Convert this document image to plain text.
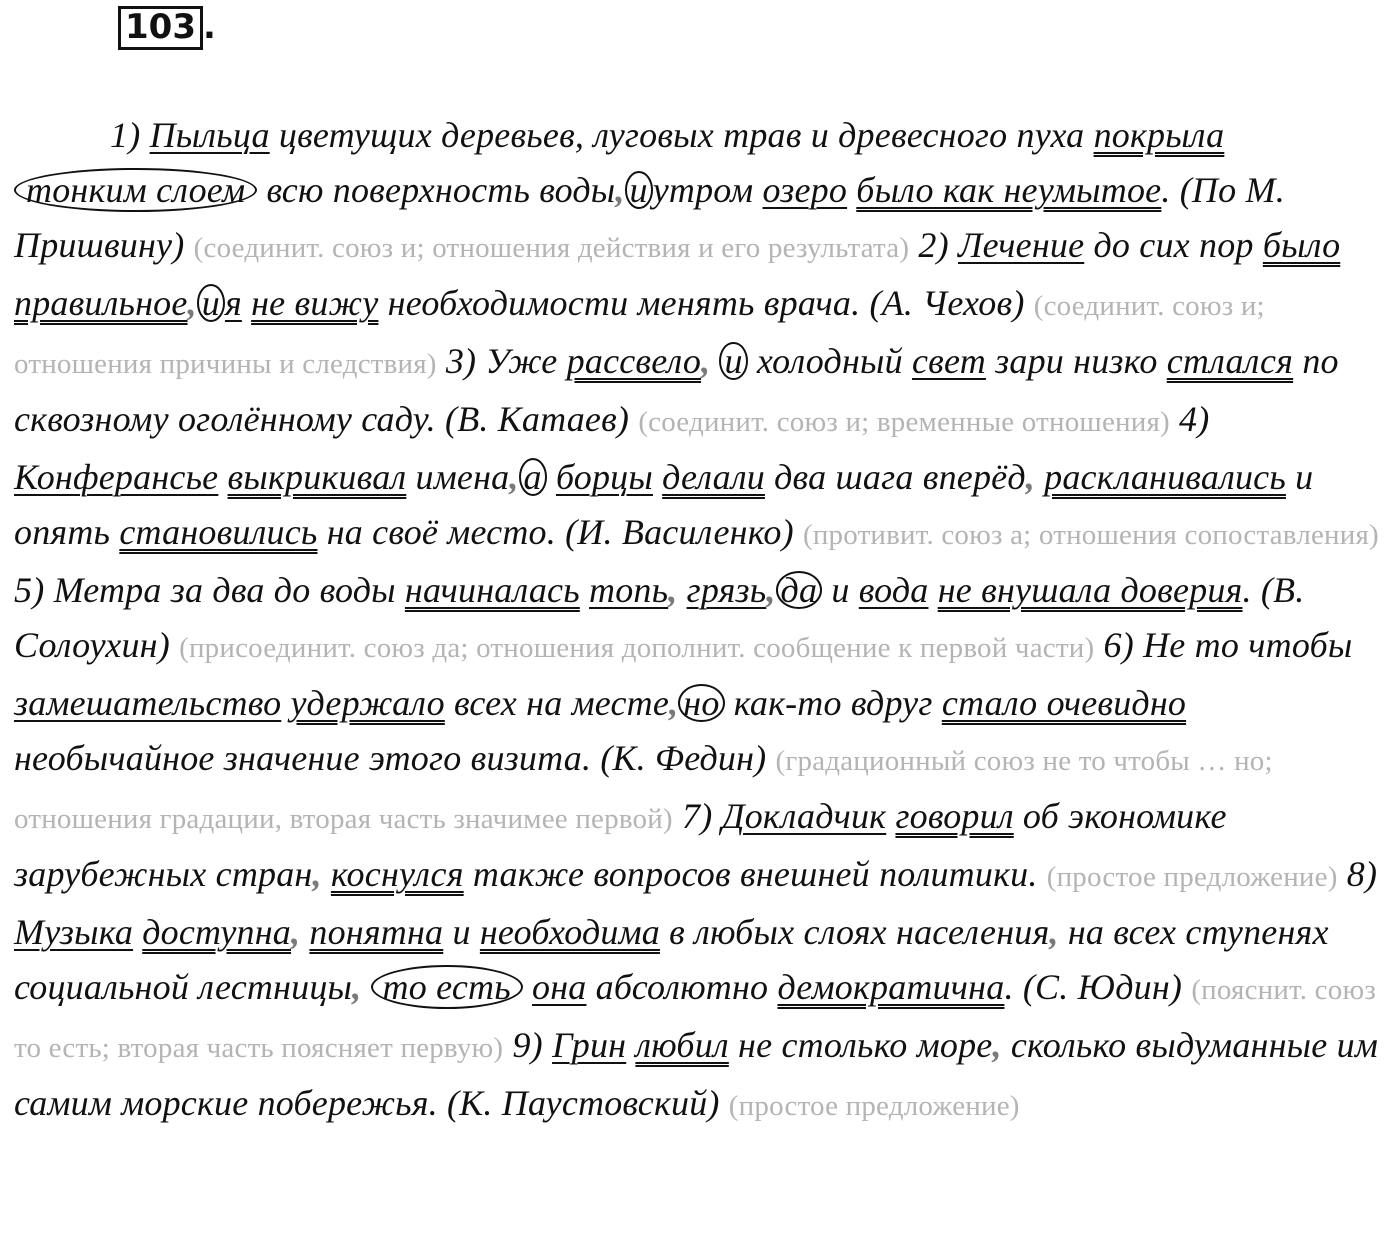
103 .
1) Пыльца цветущих деревьев, луговых трав и древесного пуха покрыла тонким слоем всю поверхность воды, и утром озеро было как неумытое. (По М. Пришвину) (соединит. союз и; отношения действия и его результата) 2) Лечение до сих пор было правильное, и я не вижу необходимости менять врача. (А. Чехов) (соединит. союз и; отношения причины и следствия) 3) Уже рассвело, и холодный свет зари низко стлался по сквозному оголённому саду. (В. Катаев) (соединит. союз и; временные отношения) 4) Конферансье выкрикивал имена, а борцы делали два шага вперёд, раскланивались и опять становились на своё место. (И. Василенко) (противит. союз а; отношения сопоставления) 5) Метра за два до воды начиналась топь, грязь, да и вода не внушала доверия. (В. Солоухин) (присоединит. союз да; отношения дополнит. сообщение к первой части) 6) Не то чтобы замешательство удержало всех на месте, но как-то вдруг стало очевидно необычайное значение этого визита. (К. Федин) (градационный союз не то чтобы … но; отношения градации, вторая часть значимее первой) 7) Докладчик говорил об экономике зарубежных стран, коснулся также вопросов внешней политики. (простое предложение) 8) Музыка доступна, понятна и необходима в любых слоях населения, на всех ступенях социальной лестницы, то есть она абсолютно демократична. (С. Юдин) (пояснит. союз то есть; вторая часть поясняет первую) 9) Грин любил не столько море, сколько выдуманные им самим морские побережья. (К. Паустовский) (простое предложение)
